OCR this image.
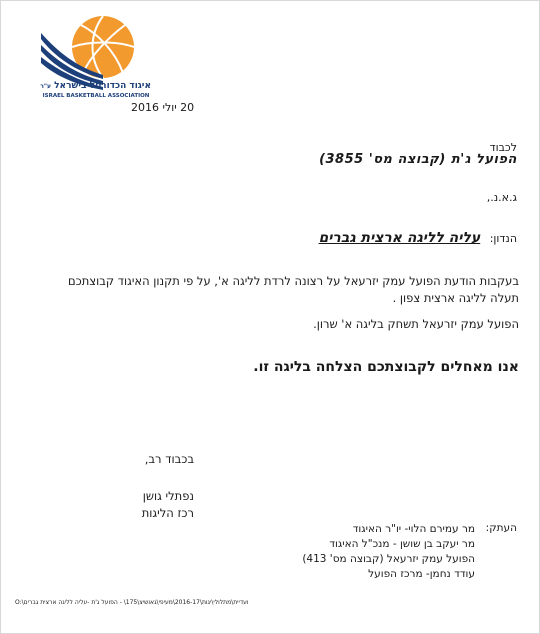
איגוד הכדורסל בישראל ע"ר
ISRAEL BASKETBALL ASSOCIATION
20 יולי 2016
לכבוד
הפועל ג'ת (קבוצה מס' 3855)
ג.א.נ.,
הנדון: עליה לליגה ארצית גברים
בעקבות הודעת הפועל עמק יזרעאל על רצונה לרדת לליגה א', על פי תקנון האיגוד קבוצתכם
תעלה לליגה ארצית צפון .
הפועל עמק יזרעאל תשחק בליגה א' שרון.
אנו מאחלים לקבוצתכם הצלחה בליגה זו.
בכבוד רב,
נפתלי גושן
רכז הליגות
העתק:
מר עמירם הלוי- יו"ר האיגוד
מר יעקב בן שושן - מנכ"ל האיגוד
הפועל עמק יזרעאל (קבוצה מס' 413)
עודד נחמן- מרכז הפועל
O:\ועדיית\מתלולי\יגות\2016-17\מעיפי\גאושיצ\175\ - הפועל ג'ת -עליה לליגה ארצית גברים
